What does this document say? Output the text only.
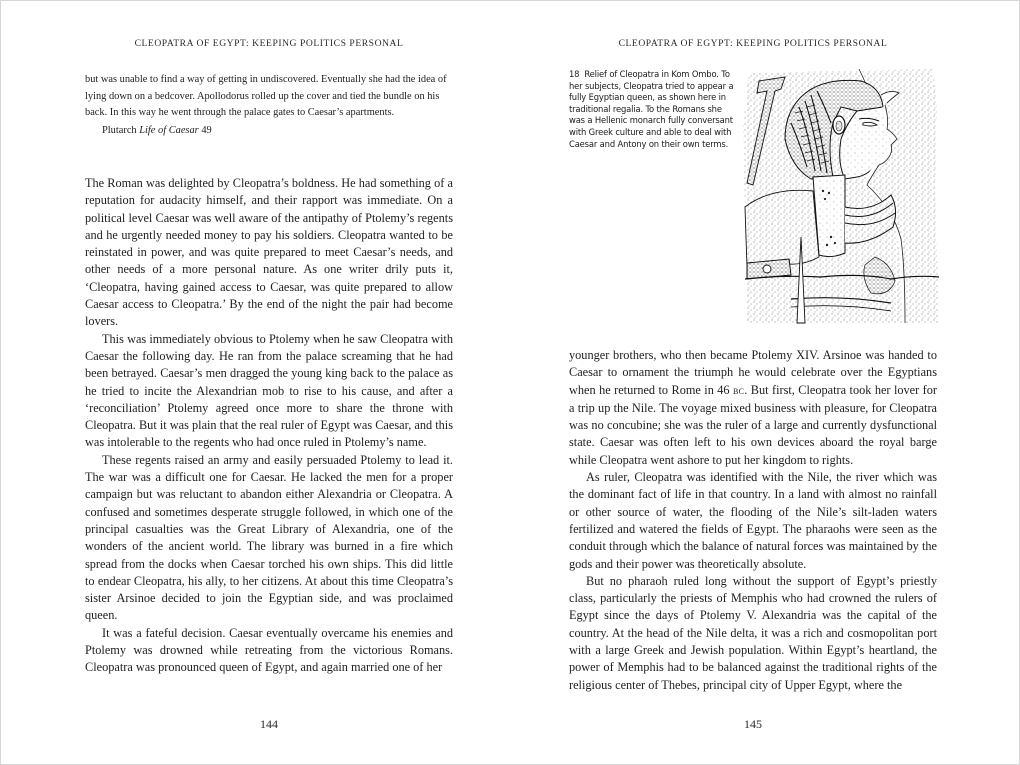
CLEOPATRA OF EGYPT: KEEPING POLITICS PERSONAL

but was unable to find a way of getting in undiscovered. Eventually she had the idea of lying down on a bedcover. Apollodorus rolled up the cover and tied the bundle on his back. In this way he went through the palace gates to Caesar’s apartments.

Plutarch Life of Caesar 49

The Roman was delighted by Cleopatra’s boldness. He had something of a reputation for audacity himself, and their rapport was immediate. On a political level Caesar was well aware of the antipathy of Ptolemy’s regents and he urgently needed money to pay his soldiers. Cleopatra wanted to be reinstated in power, and was quite prepared to meet Caesar’s needs, and other needs of a more personal nature. As one writer drily puts it, ‘Cleopatra, having gained access to Caesar, was quite prepared to allow Caesar access to Cleopatra.’ By the end of the night the pair had become lovers.

This was immediately obvious to Ptolemy when he saw Cleopatra with Caesar the following day. He ran from the palace screaming that he had been betrayed. Caesar’s men dragged the young king back to the palace as he tried to incite the Alexandrian mob to rise to his cause, and after a ‘reconciliation’ Ptolemy agreed once more to share the throne with Cleopatra. But it was plain that the real ruler of Egypt was Caesar, and this was intolerable to the regents who had once ruled in Ptolemy’s name.

These regents raised an army and easily persuaded Ptolemy to lead it. The war was a difficult one for Caesar. He lacked the men for a proper campaign but was reluctant to abandon either Alexandria or Cleopatra. A confused and sometimes desperate struggle followed, in which one of the principal casualties was the Great Library of Alexandria, one of the wonders of the ancient world. The library was burned in a fire which spread from the docks when Caesar torched his own ships. This did little to endear Cleopatra, his ally, to her citizens. At about this time Cleopatra’s sister Arsinoe decided to join the Egyptian side, and was proclaimed queen.

It was a fateful decision. Caesar eventually overcame his enemies and Ptolemy was drowned while retreating from the victorious Romans. Cleopatra was pronounced queen of Egypt, and again married one of her

144
CLEOPATRA OF EGYPT: KEEPING POLITICS PERSONAL

18 Relief of Cleopatra in Kom Ombo. To her subjects, Cleopatra tried to appear a fully Egyptian queen, as shown here in traditional regalia. To the Romans she was a Hellenic monarch fully conversant with Greek culture and able to deal with Caesar and Antony on their own terms.

younger brothers, who then became Ptolemy XIV. Arsinoe was handed to Caesar to ornament the triumph he would celebrate over the Egyptians when he returned to Rome in 46 bc. But first, Cleopatra took her lover for a trip up the Nile. The voyage mixed business with pleasure, for Cleopatra was no concubine; she was the ruler of a large and currently dysfunctional state. Caesar was often left to his own devices aboard the royal barge while Cleopatra went ashore to put her kingdom to rights.

As ruler, Cleopatra was identified with the Nile, the river which was the dominant fact of life in that country. In a land with almost no rainfall or other source of water, the flooding of the Nile’s silt-laden waters fertilized and watered the fields of Egypt. The pharaohs were seen as the conduit through which the balance of natural forces was maintained by the gods and their power was theoretically absolute.

But no pharaoh ruled long without the support of Egypt’s priestly class, particularly the priests of Memphis who had crowned the rulers of Egypt since the days of Ptolemy V. Alexandria was the capital of the country. At the head of the Nile delta, it was a rich and cosmopolitan port with a large Greek and Jewish population. Within Egypt’s heartland, the power of Memphis had to be balanced against the traditional rights of the religious center of Thebes, principal city of Upper Egypt, where the

145
